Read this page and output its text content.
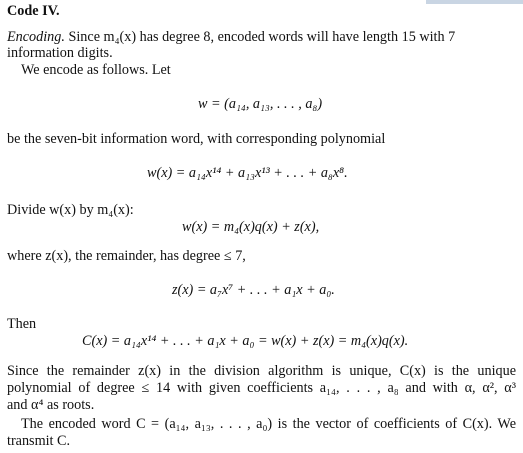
Code IV.
Encoding. Since m₄(x) has degree 8, encoded words will have length 15 with 7
information digits.
We encode as follows. Let
w = (a₁₄, a₁₃, . . . , a₈)
be the seven-bit information word, with corresponding polynomial
w(x) = a₁₄x¹⁴ + a₁₃x¹³ + . . . + a₈x⁸.
Divide w(x) by m₄(x):
w(x) = m₄(x)q(x) + z(x),
where z(x), the remainder, has degree ≤ 7,
z(x) = a₇x⁷ + . . . + a₁x + a₀.
Then
C(x) = a₁₄x¹⁴ + . . . + a₁x + a₀ = w(x) + z(x) = m₄(x)q(x).
Since the remainder z(x) in the division algorithm is unique, C(x) is the unique
polynomial of degree ≤ 14 with given coefficients a₁₄, . . . , a₈ and with α, α², α³
and α⁴ as roots.
The encoded word C = (a₁₄, a₁₃, . . . , a₀) is the vector of coefficients of C(x). We
transmit C.
